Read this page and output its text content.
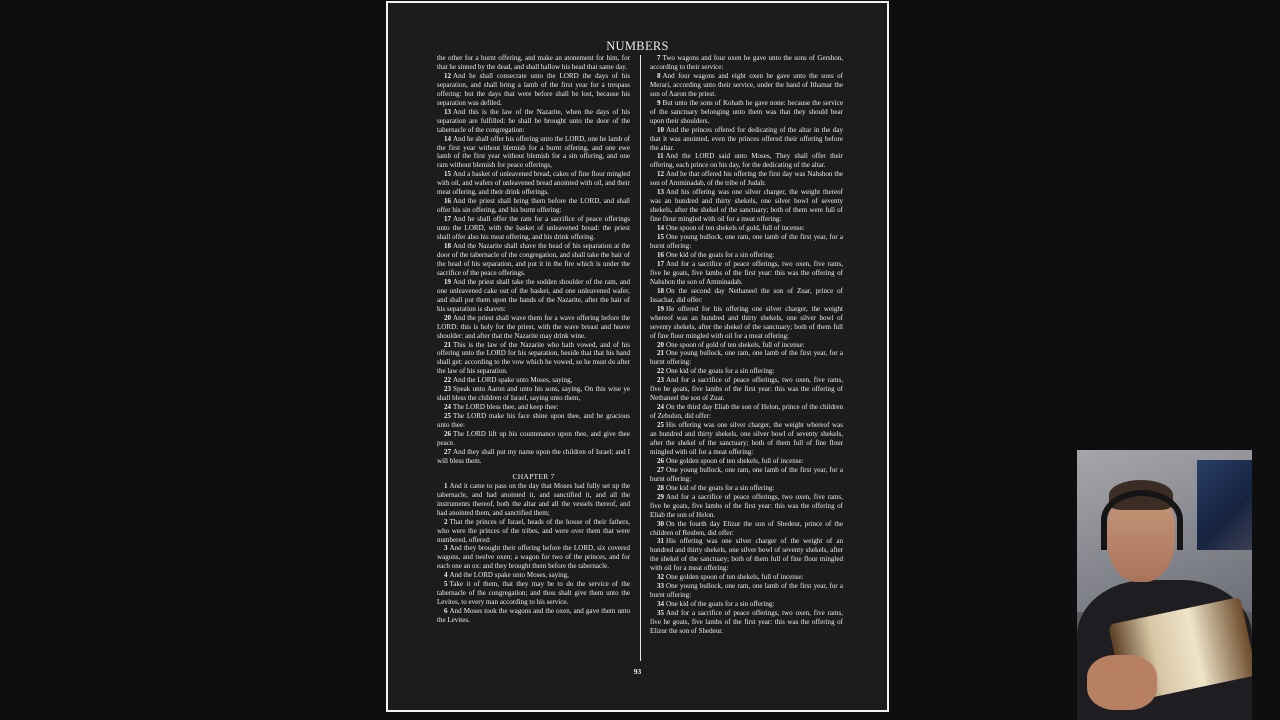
NUMBERS

the other for a burnt offering, and make an atonement for him, for that he sinned by the dead, and shall hallow his head that same day.

12 And he shall consecrate unto the LORD the days of his separation, and shall bring a lamb of the first year for a trespass offering: but the days that were before shall be lost, because his separation was defiled.

13 And this is the law of the Nazarite, when the days of his separation are fulfilled: he shall be brought unto the door of the tabernacle of the congregation:

14 And he shall offer his offering unto the LORD, one he lamb of the first year without blemish for a burnt offering, and one ewe lamb of the first year without blemish for a sin offering, and one ram without blemish for peace offerings,

15 And a basket of unleavened bread, cakes of fine flour mingled with oil, and wafers of unleavened bread anointed with oil, and their meat offering, and their drink offerings.

16 And the priest shall bring them before the LORD, and shall offer his sin offering, and his burnt offering:

17 And he shall offer the ram for a sacrifice of peace offerings unto the LORD, with the basket of unleavened bread: the priest shall offer also his meat offering, and his drink offering.

18 And the Nazarite shall shave the head of his separation at the door of the tabernacle of the congregation, and shall take the hair of the head of his separation, and put it in the fire which is under the sacrifice of the peace offerings.

19 And the priest shall take the sodden shoulder of the ram, and one unleavened cake out of the basket, and one unleavened wafer, and shall put them upon the hands of the Nazarite, after the hair of his separation is shaven:

20 And the priest shall wave them for a wave offering before the LORD: this is holy for the priest, with the wave breast and heave shoulder: and after that the Nazarite may drink wine.

21 This is the law of the Nazarite who hath vowed, and of his offering unto the LORD for his separation, beside that that his hand shall get: according to the vow which he vowed, so he must do after the law of his separation.

22 And the LORD spake unto Moses, saying,

23 Speak unto Aaron and unto his sons, saying, On this wise ye shall bless the children of Israel, saying unto them,

24 The LORD bless thee, and keep thee:

25 The LORD make his face shine upon thee, and be gracious unto thee:

26 The LORD lift up his countenance upon thee, and give thee peace.

27 And they shall put my name upon the children of Israel; and I will bless them.

CHAPTER 7

1 And it came to pass on the day that Moses had fully set up the tabernacle, and had anointed it, and sanctified it, and all the instruments thereof, both the altar and all the vessels thereof, and had anointed them, and sanctified them;

2 That the princes of Israel, heads of the house of their fathers, who were the princes of the tribes, and were over them that were numbered, offered:

3 And they brought their offering before the LORD, six covered wagons, and twelve oxen; a wagon for two of the princes, and for each one an ox: and they brought them before the tabernacle.

4 And the LORD spake unto Moses, saying,

5 Take it of them, that they may be to do the service of the tabernacle of the congregation; and thou shalt give them unto the Levites, to every man according to his service.

6 And Moses took the wagons and the oxen, and gave them unto the Levites.

7 Two wagons and four oxen he gave unto the sons of Gershon, according to their service:

8 And four wagons and eight oxen he gave unto the sons of Merari, according unto their service, under the hand of Ithamar the son of Aaron the priest.

9 But unto the sons of Kohath he gave none: because the service of the sanctuary belonging unto them was that they should bear upon their shoulders.

10 And the princes offered for dedicating of the altar in the day that it was anointed, even the princes offered their offering before the altar.

11 And the LORD said unto Moses, They shall offer their offering, each prince on his day, for the dedicating of the altar.

12 And he that offered his offering the first day was Nahshon the son of Amminadab, of the tribe of Judah:

13 And his offering was one silver charger, the weight thereof was an hundred and thirty shekels, one silver bowl of seventy shekels, after the shekel of the sanctuary; both of them were full of fine flour mingled with oil for a meat offering:

14 One spoon of ten shekels of gold, full of incense:

15 One young bullock, one ram, one lamb of the first year, for a burnt offering:

16 One kid of the goats for a sin offering:

17 And for a sacrifice of peace offerings, two oxen, five rams, five he goats, five lambs of the first year: this was the offering of Nahshon the son of Amminadab.

18 On the second day Nethaneel the son of Zuar, prince of Issachar, did offer:

19 He offered for his offering one silver charger, the weight whereof was an hundred and thirty shekels, one silver bowl of seventy shekels, after the shekel of the sanctuary; both of them full of fine flour mingled with oil for a meat offering:

20 One spoon of gold of ten shekels, full of incense:

21 One young bullock, one ram, one lamb of the first year, for a burnt offering:

22 One kid of the goats for a sin offering:

23 And for a sacrifice of peace offerings, two oxen, five rams, five he goats, five lambs of the first year: this was the offering of Nethaneel the son of Zuar.

24 On the third day Eliab the son of Helon, prince of the children of Zebulun, did offer:

25 His offering was one silver charger, the weight whereof was an hundred and thirty shekels, one silver bowl of seventy shekels, after the shekel of the sanctuary; both of them full of fine flour mingled with oil for a meat offering:

26 One golden spoon of ten shekels, full of incense:

27 One young bullock, one ram, one lamb of the first year, for a burnt offering:

28 One kid of the goats for a sin offering:

29 And for a sacrifice of peace offerings, two oxen, five rams, five he goats, five lambs of the first year: this was the offering of Eliab the son of Helon.

30 On the fourth day Elizur the son of Shedeur, prince of the children of Reuben, did offer:

31 His offering was one silver charger of the weight of an hundred and thirty shekels, one silver bowl of seventy shekels, after the shekel of the sanctuary; both of them full of fine flour mingled with oil for a meat offering:

32 One golden spoon of ten shekels, full of incense:

33 One young bullock, one ram, one lamb of the first year, for a burnt offering:

34 One kid of the goats for a sin offering:

35 And for a sacrifice of peace offerings, two oxen, five rams, five he goats, five lambs of the first year: this was the offering of Elizur the son of Shedeur.

93
